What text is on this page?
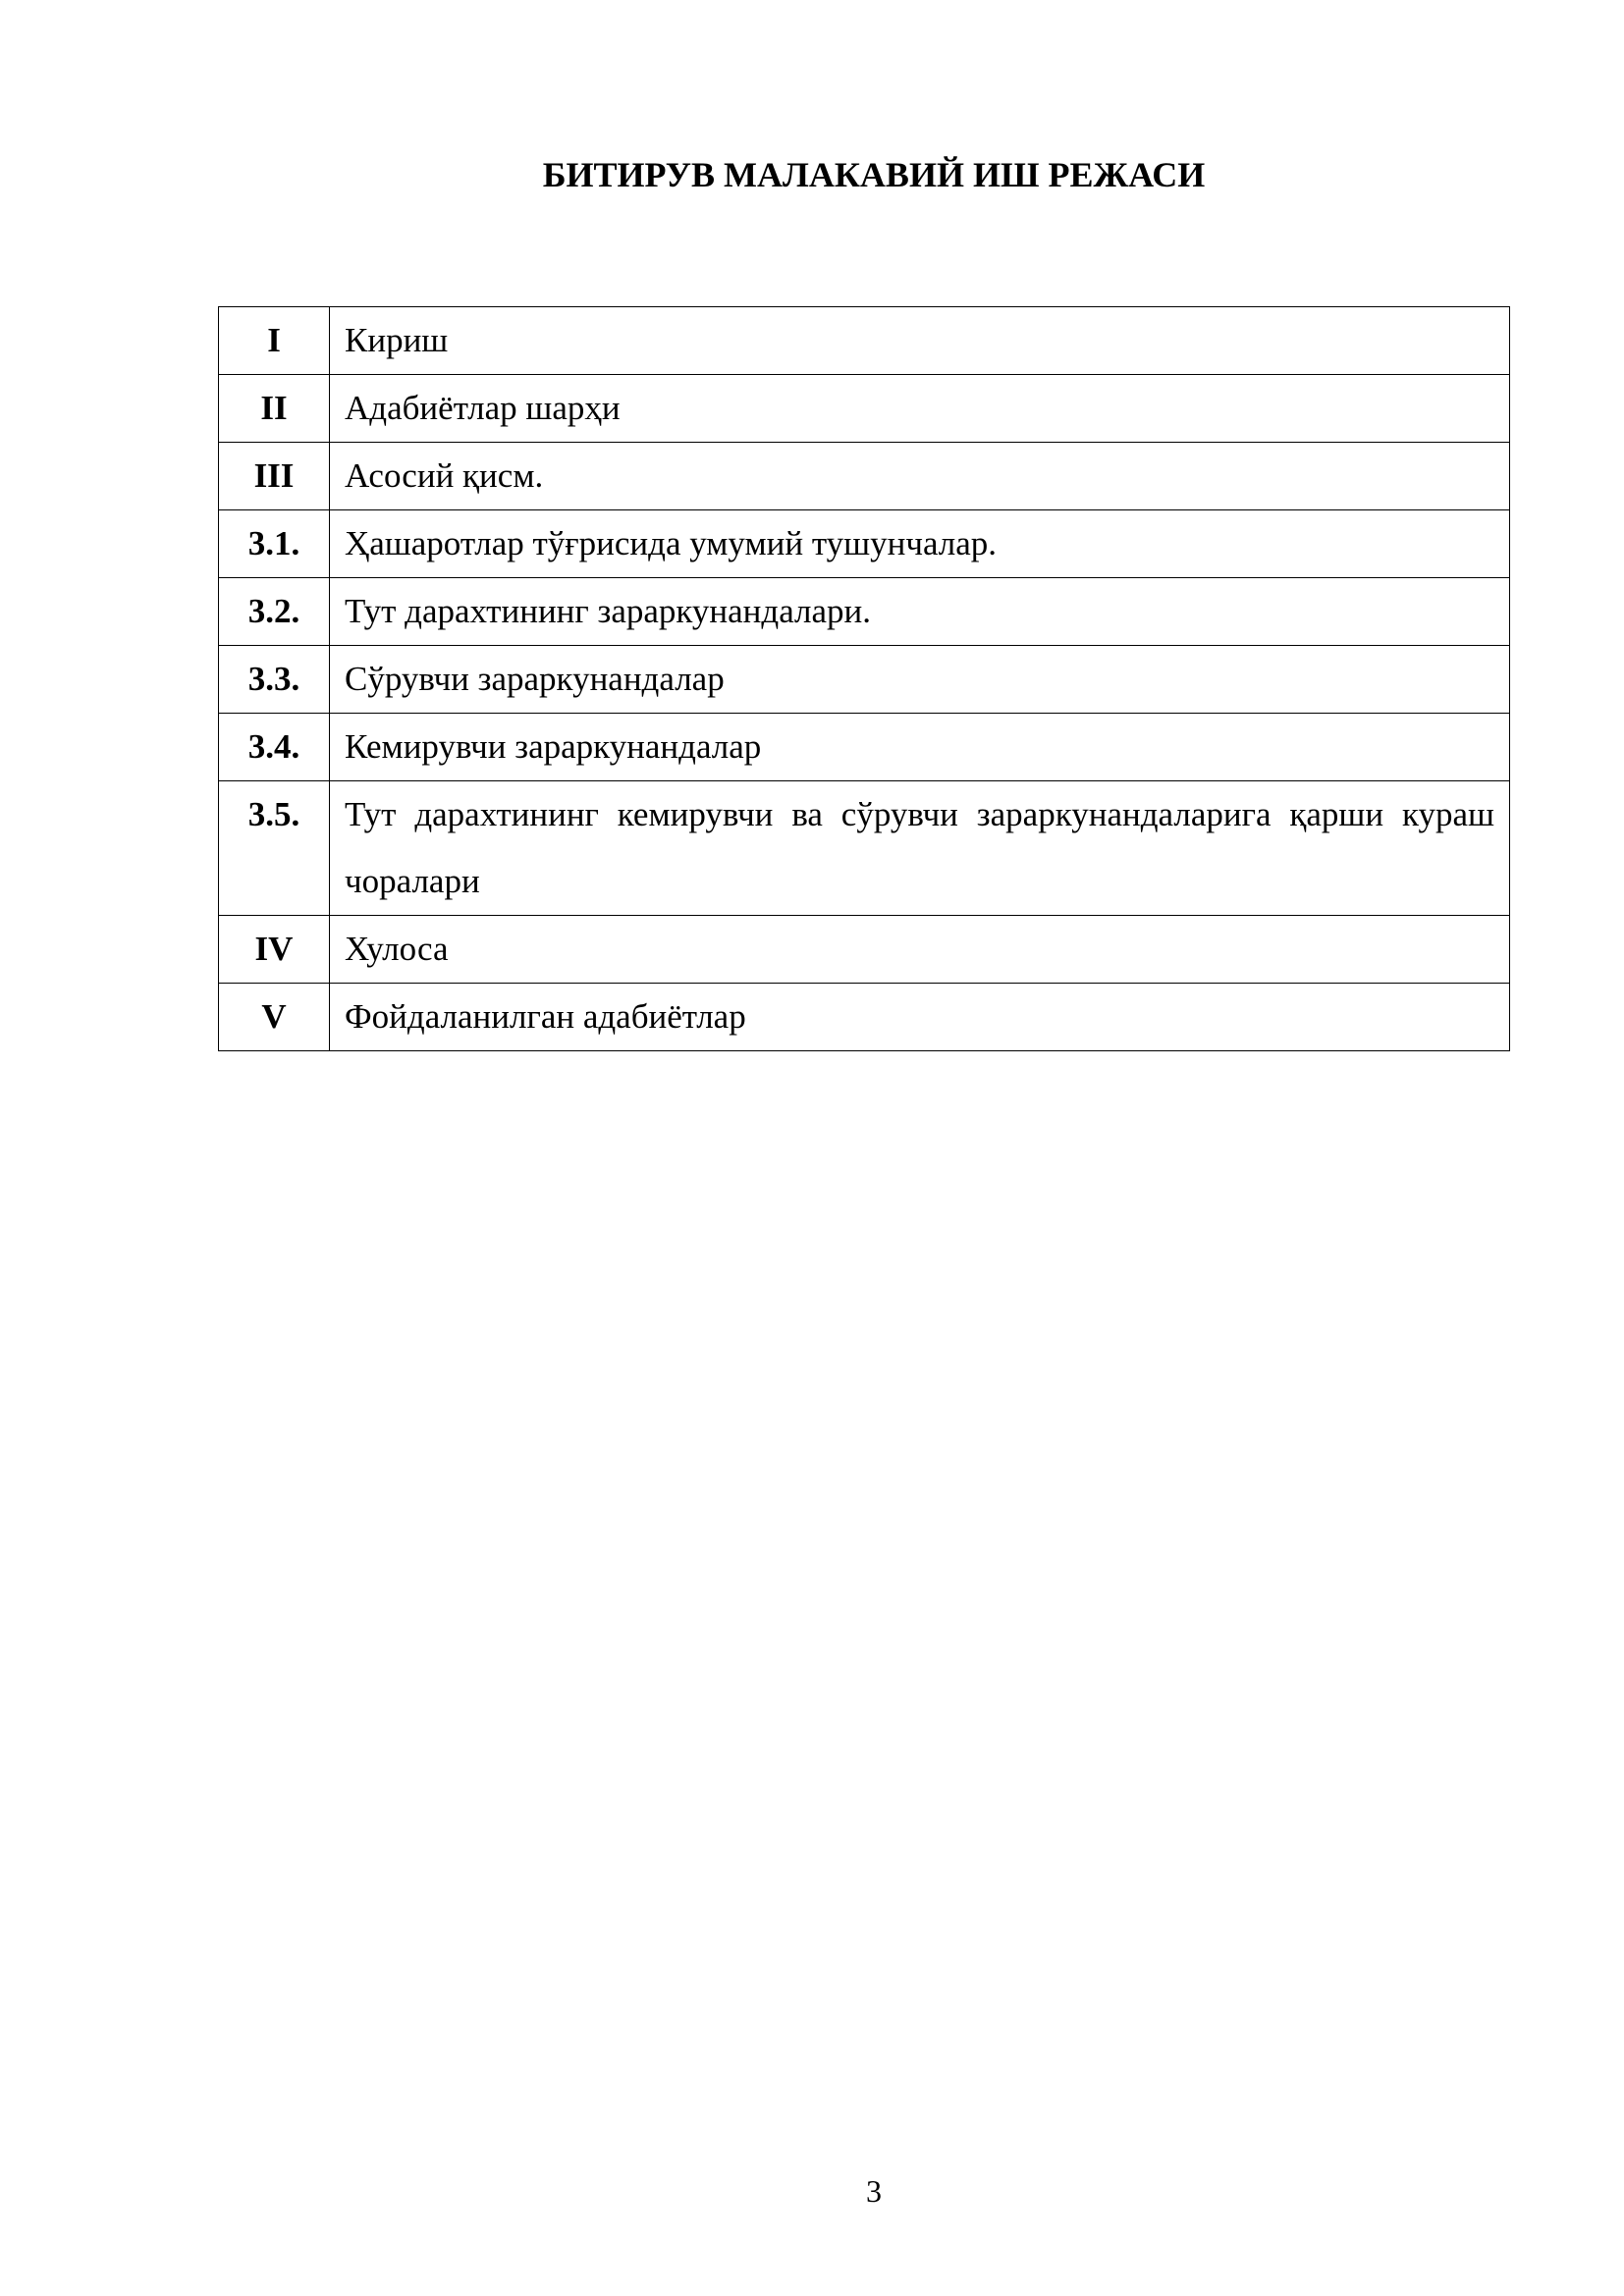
БИТИРУВ МАЛАКАВИЙ ИШ РЕЖАСИ
I	Кириш
II	Адабиётлар шарҳи
III	Асосий қисм.
3.1.	Ҳашаротлар тўғрисида умумий тушунчалар.
3.2.	Тут дарахтининг зараркунандалари.
3.3.	Сўрувчи зараркунандалар
3.4.	Кемирувчи зараркунандалар
3.5.	Тут дарахтининг кемирувчи ва сўрувчи зараркунандаларига қарши кураш чоралари
IV	Хулоса
V	Фойдаланилган адабиётлар
3
